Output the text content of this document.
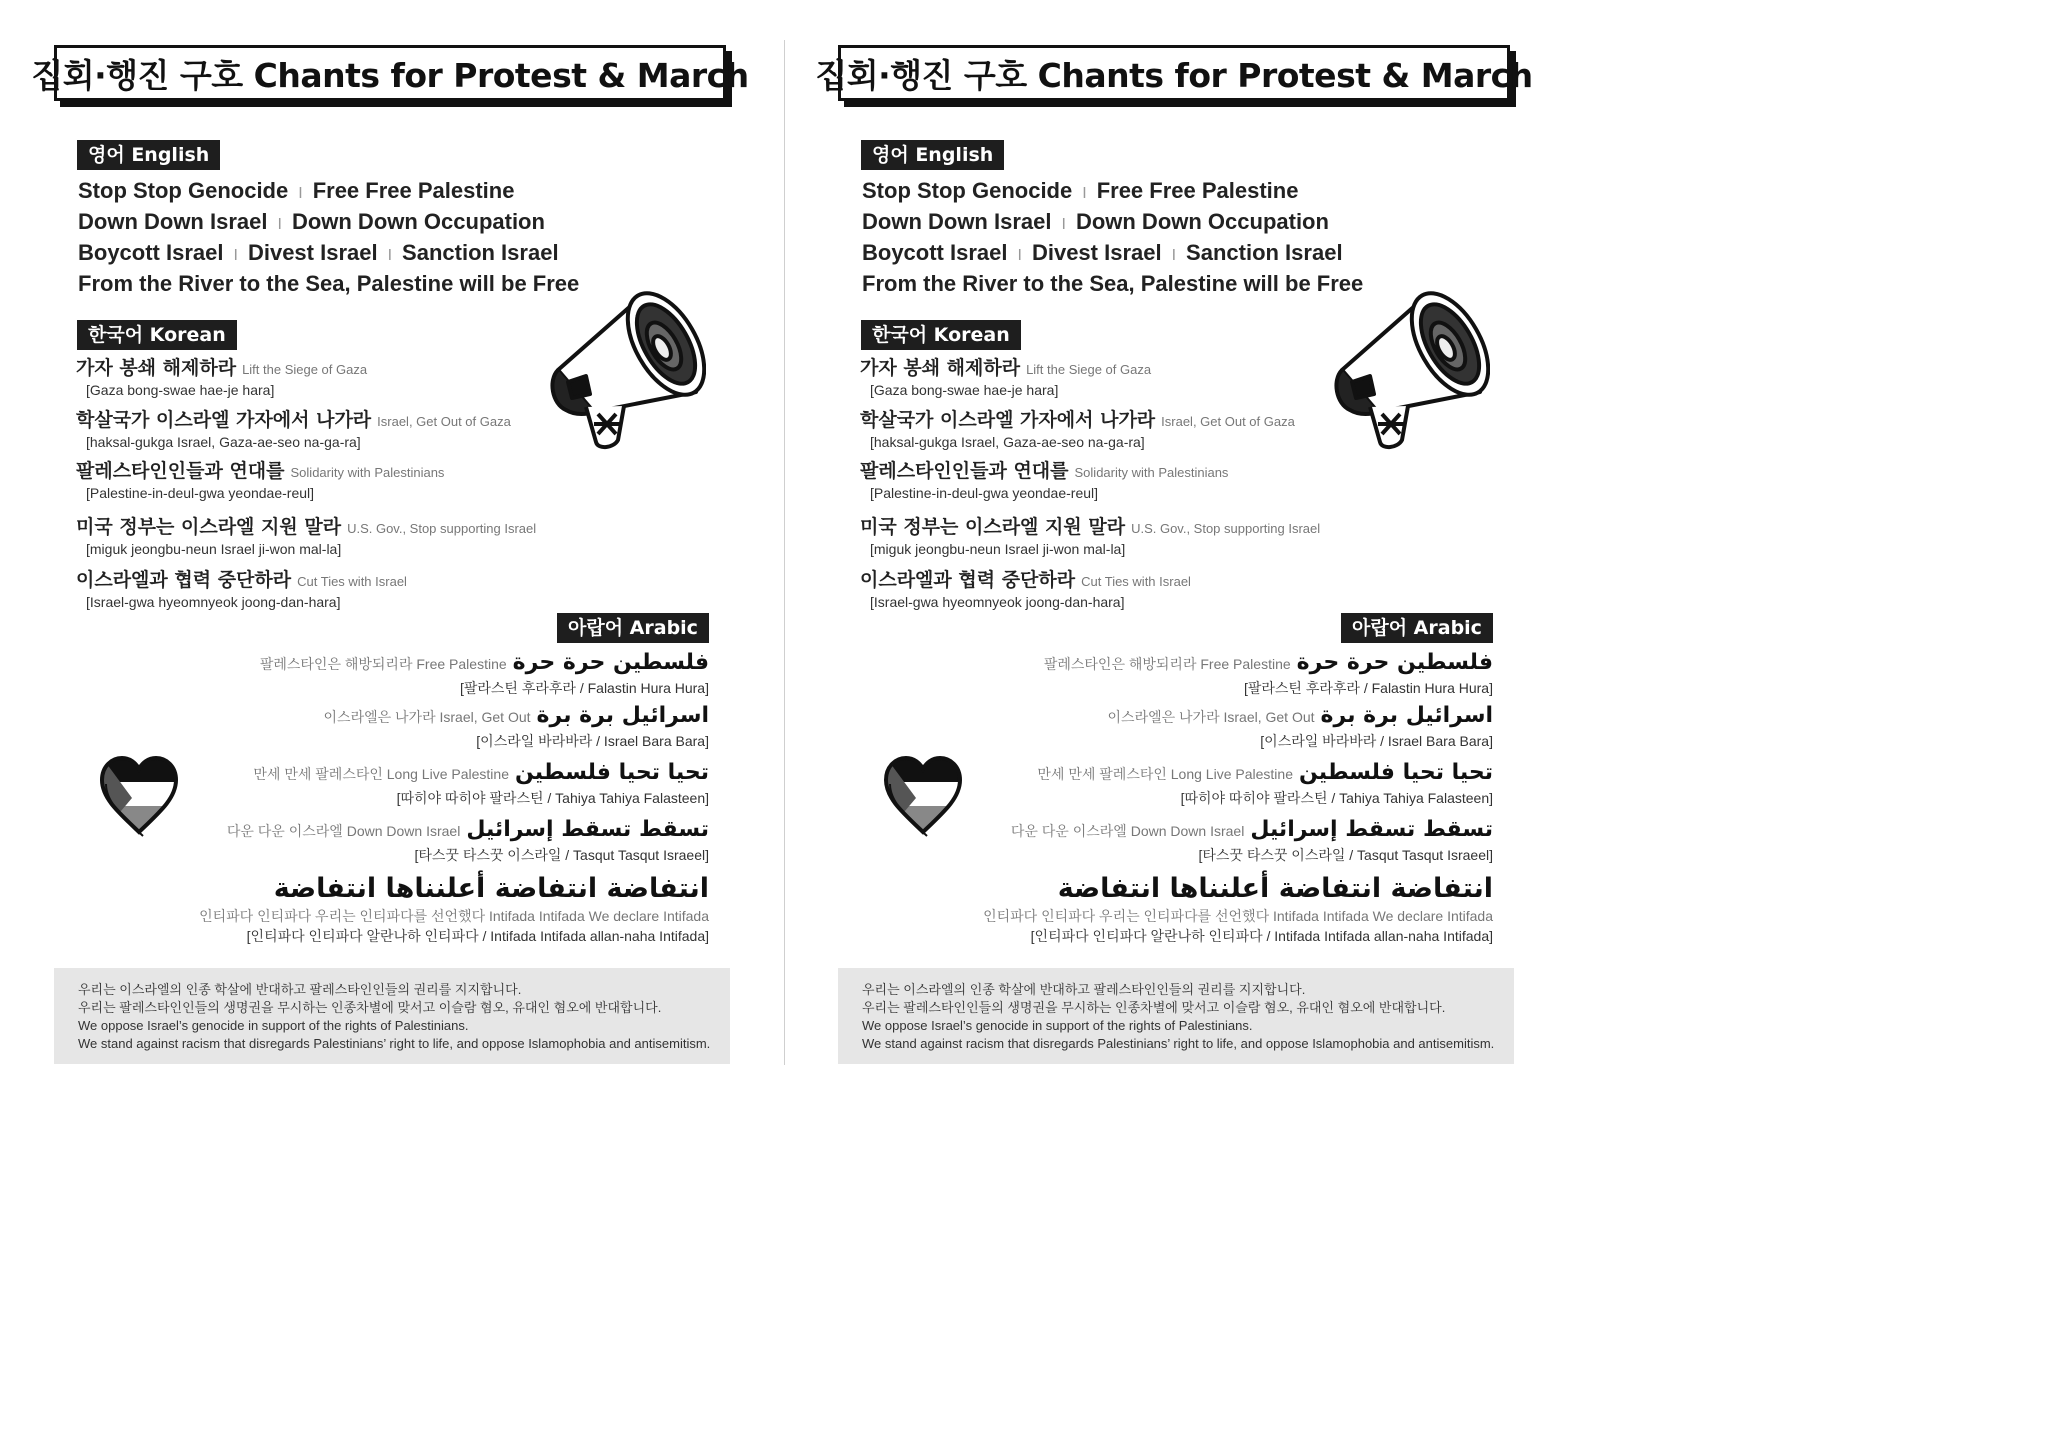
집회·행진 구호 Chants for Protest & March
영어 English
Stop Stop Genocide I Free Free Palestine
Down Down Israel I Down Down Occupation
Boycott Israel I Divest Israel I Sanction Israel
From the River to the Sea, Palestine will be Free
한국어 Korean
가자 봉쇄 해제하라 Lift the Siege of Gaza
[Gaza bong-swae hae-je hara]
학살국가 이스라엘 가자에서 나가라 Israel, Get Out of Gaza
[haksal-gukga Israel, Gaza-ae-seo na-ga-ra]
팔레스타인인들과 연대를 Solidarity with Palestinians
[Palestine-in-deul-gwa yeondae-reul]
미국 정부는 이스라엘 지원 말라 U.S. Gov., Stop supporting Israel
[miguk jeongbu-neun Israel ji-won mal-la]
이스라엘과 협력 중단하라 Cut Ties with Israel
[Israel-gwa hyeomnyeok joong-dan-hara]
아랍어 Arabic
팔레스타인은 해방되리라 Free Palestine فلسطين حرة حرة
[팔라스틴 후라후라 / Falastin Hura Hura]
이스라엘은 나가라 Israel, Get Out اسرائيل برة برة
[이스라일 바라바라 / Israel Bara Bara]
만세 만세 팔레스타인 Long Live Palestine تحيا تحيا فلسطين
[따히야 따히야 팔라스틴 / Tahiya Tahiya Falasteen]
다운 다운 이스라엘 Down Down Israel تسقط تسقط إسرائيل
[타스꿋 타스꿋 이스라일 / Tasqut Tasqut Israeel]
انتفاضة انتفاضة أعلنناها انتفاضة
인티파다 인티파다 우리는 인티파다를 선언했다 Intifada Intifada We declare Intifada
[인티파다 인티파다 알란나하 인티파다 / Intifada Intifada allan-naha Intifada]
우리는 이스라엘의 인종 학살에 반대하고 팔레스타인인들의 권리를 지지합니다.
우리는 팔레스타인인들의 생명권을 무시하는 인종차별에 맞서고 이슬람 혐오, 유대인 혐오에 반대합니다.
We oppose Israel’s genocide in support of the rights of Palestinians.
We stand against racism that disregards Palestinians’ right to life, and oppose Islamophobia and antisemitism.
집회·행진 구호 Chants for Protest & March
영어 English
Stop Stop Genocide I Free Free Palestine
Down Down Israel I Down Down Occupation
Boycott Israel I Divest Israel I Sanction Israel
From the River to the Sea, Palestine will be Free
한국어 Korean
가자 봉쇄 해제하라 Lift the Siege of Gaza
[Gaza bong-swae hae-je hara]
학살국가 이스라엘 가자에서 나가라 Israel, Get Out of Gaza
[haksal-gukga Israel, Gaza-ae-seo na-ga-ra]
팔레스타인인들과 연대를 Solidarity with Palestinians
[Palestine-in-deul-gwa yeondae-reul]
미국 정부는 이스라엘 지원 말라 U.S. Gov., Stop supporting Israel
[miguk jeongbu-neun Israel ji-won mal-la]
이스라엘과 협력 중단하라 Cut Ties with Israel
[Israel-gwa hyeomnyeok joong-dan-hara]
아랍어 Arabic
팔레스타인은 해방되리라 Free Palestine فلسطين حرة حرة
[팔라스틴 후라후라 / Falastin Hura Hura]
이스라엘은 나가라 Israel, Get Out اسرائيل برة برة
[이스라일 바라바라 / Israel Bara Bara]
만세 만세 팔레스타인 Long Live Palestine تحيا تحيا فلسطين
[따히야 따히야 팔라스틴 / Tahiya Tahiya Falasteen]
다운 다운 이스라엘 Down Down Israel تسقط تسقط إسرائيل
[타스꿋 타스꿋 이스라일 / Tasqut Tasqut Israeel]
انتفاضة انتفاضة أعلنناها انتفاضة
인티파다 인티파다 우리는 인티파다를 선언했다 Intifada Intifada We declare Intifada
[인티파다 인티파다 알란나하 인티파다 / Intifada Intifada allan-naha Intifada]
우리는 이스라엘의 인종 학살에 반대하고 팔레스타인인들의 권리를 지지합니다.
우리는 팔레스타인인들의 생명권을 무시하는 인종차별에 맞서고 이슬람 혐오, 유대인 혐오에 반대합니다.
We oppose Israel’s genocide in support of the rights of Palestinians.
We stand against racism that disregards Palestinians’ right to life, and oppose Islamophobia and antisemitism.
